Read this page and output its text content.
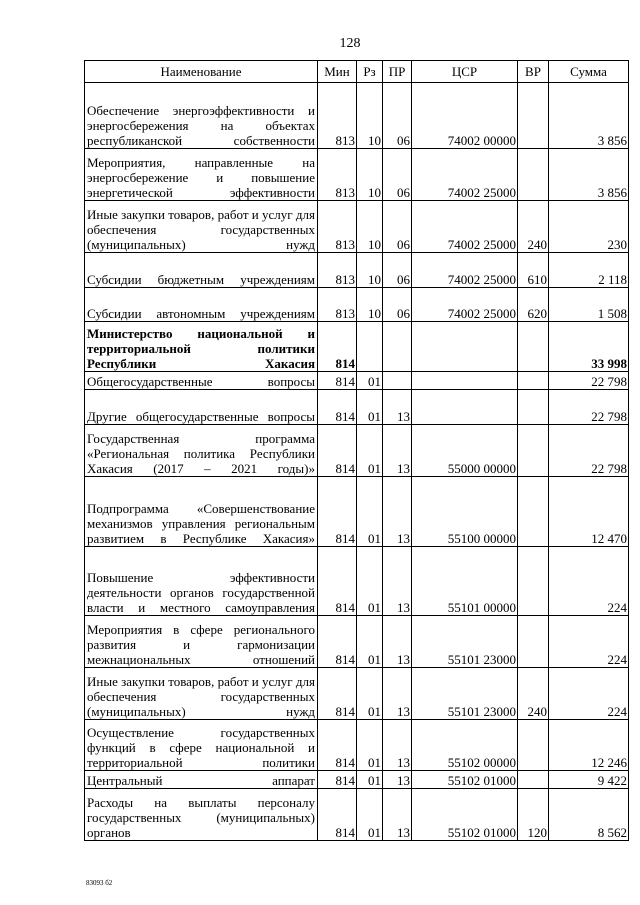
128
Наименование	Мин	Рз	ПР	ЦСР	ВР	Сумма
Обеспечение энергоэффективности и энергосбережения на объектах республиканской собственности	813	10	06	74002 00000		3 856
Мероприятия, направленные на энергосбережение и повышение энергетической эффективности	813	10	06	74002 25000		3 856
Иные закупки товаров, работ и услуг для обеспечения государственных (муниципальных) нужд	813	10	06	74002 25000	240	230
Субсидии бюджетным учреждениям	813	10	06	74002 25000	610	2 118
Субсидии автономным учреждениям	813	10	06	74002 25000	620	1 508
Министерство национальной и территориальной политики Республики Хакасия	814					33 998
Общегосударственные вопросы	814	01				22 798
Другие общегосударственные вопросы	814	01	13			22 798
Государственная программа «Региональная политика Республики Хакасия (2017 – 2021 годы)»	814	01	13	55000 00000		22 798
Подпрограмма «Совершенствование механизмов управления региональным развитием в Республике Хакасия»	814	01	13	55100 00000		12 470
Повышение эффективности деятельности органов государственной власти и местного самоуправления	814	01	13	55101 00000		224
Мероприятия в сфере регионального развития и гармонизации межнациональных отношений	814	01	13	55101 23000		224
Иные закупки товаров, работ и услуг для обеспечения государственных (муниципальных) нужд	814	01	13	55101 23000	240	224
Осуществление государственных функций в сфере национальной и территориальной политики	814	01	13	55102 00000		12 246
Центральный аппарат	814	01	13	55102 01000		9 422
Расходы на выплаты персоналу государственных (муниципальных) органов	814	01	13	55102 01000	120	8 562
83093 б2
